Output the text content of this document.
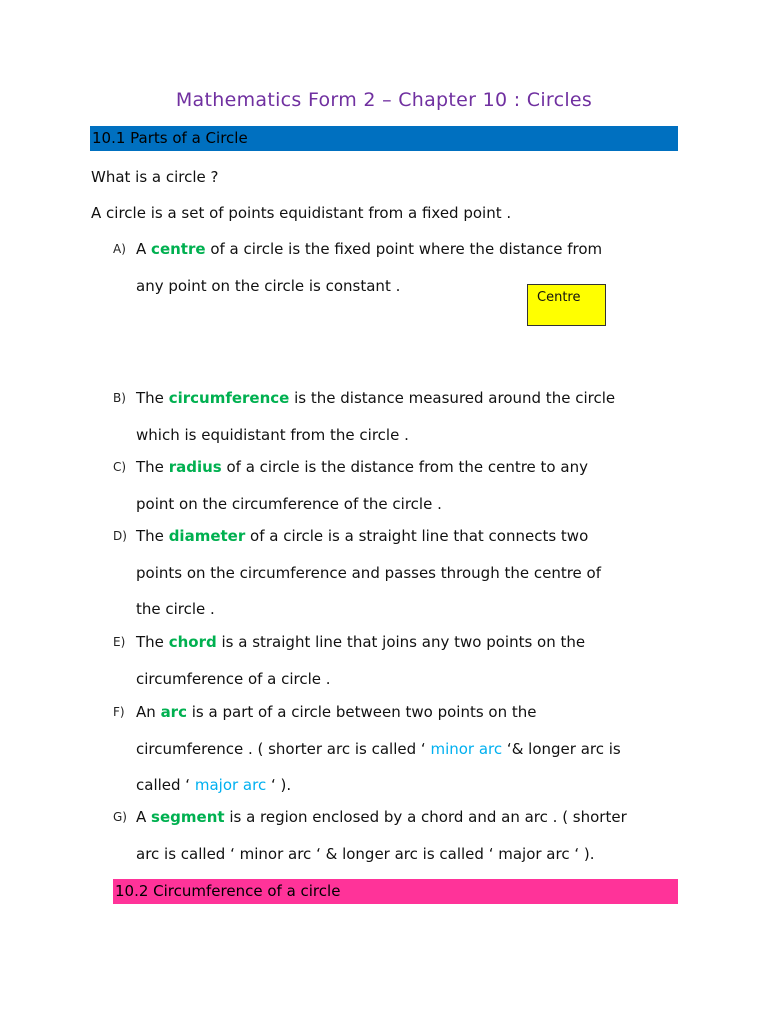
Mathematics Form 2 – Chapter 10 : Circles
10.1 Parts of a Circle
What is a circle ?
A circle is a set of points equidistant from a fixed point .
A) A centre of a circle is the fixed point where the distance from
any point on the circle is constant .
Centre
B) The circumference is the distance measured around the circle
which is equidistant from the circle .
C) The radius of a circle is the distance from the centre to any
point on the circumference of the circle .
D) The diameter of a circle is a straight line that connects two
points on the circumference and passes through the centre of
the circle .
E) The chord is a straight line that joins any two points on the
circumference of a circle .
F) An arc is a part of a circle between two points on the
circumference . ( shorter arc is called ‘ minor arc ‘& longer arc is
called ‘ major arc ‘ ).
G) A segment is a region enclosed by a chord and an arc . ( shorter
arc is called ‘ minor arc ‘ & longer arc is called ‘ major arc ‘ ).
10.2 Circumference of a circle
